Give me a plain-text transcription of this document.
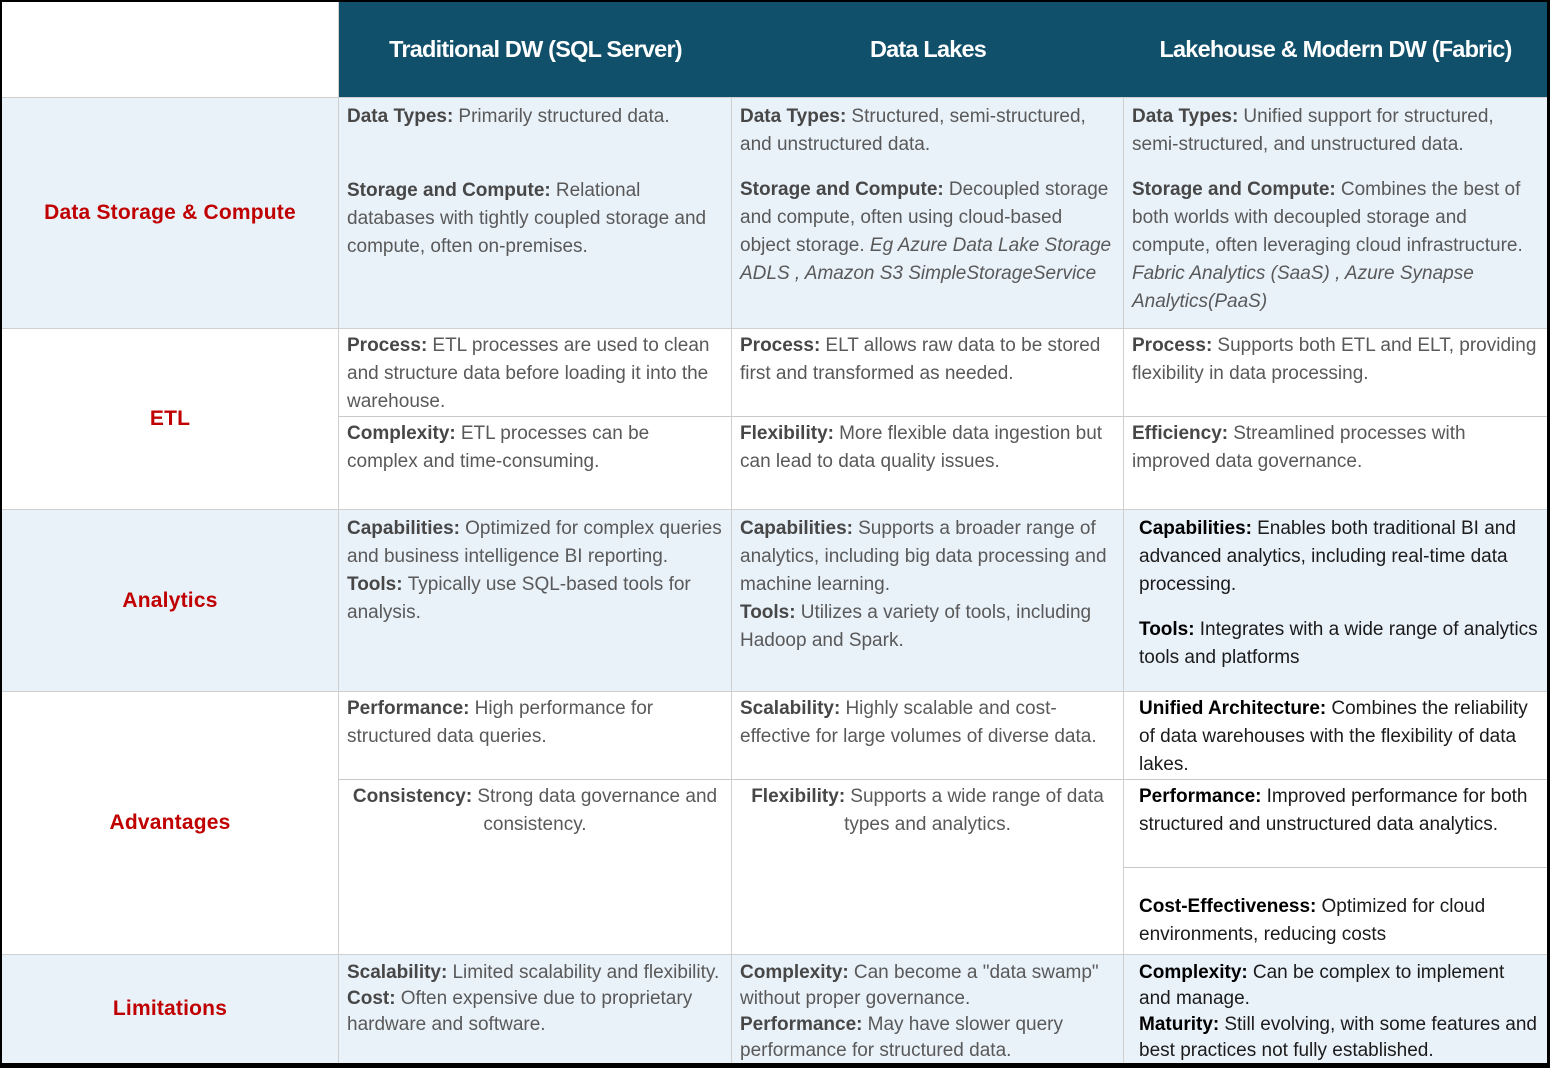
Traditional DW (SQL Server)	Data Lakes	Lakehouse & Modern DW (Fabric)
Data Storage & Compute

Data Types: Primarily structured data.

Storage and Compute: Relational databases with tightly coupled storage and compute, often on-premises.

Data Types: Structured, semi-structured, and unstructured data.

Storage and Compute: Decoupled storage and compute, often using cloud-based object storage. Eg Azure Data Lake Storage ADLS , Amazon S3 SimpleStorageService

Data Types: Unified support for structured, semi-structured, and unstructured data.

Storage and Compute: Combines the best of both worlds with decoupled storage and compute, often leveraging cloud infrastructure. Fabric Analytics (SaaS) , Azure Synapse Analytics(PaaS)

ETL
Process: ETL processes are used to clean and structure data before loading it into the warehouse.
Complexity: ETL processes can be complex and time-consuming.
Process: ELT allows raw data to be stored first and transformed as needed.
Flexibility: More flexible data ingestion but can lead to data quality issues.
Process: Supports both ETL and ELT, providing flexibility in data processing.
Efficiency: Streamlined processes with improved data governance.
Analytics

Capabilities: Optimized for complex queries and business intelligence BI reporting.

Tools: Typically use SQL-based tools for analysis.

Capabilities: Supports a broader range of analytics, including big data processing and machine learning.

Tools: Utilizes a variety of tools, including Hadoop and Spark.

Capabilities: Enables both traditional BI and advanced analytics, including real-time data processing.

Tools: Integrates with a wide range of analytics tools and platforms

Advantages
Performance: High performance for structured data queries.
Consistency: Strong data governance and consistency.
Scalability: Highly scalable and cost-effective for large volumes of diverse data.
Flexibility: Supports a wide range of data types and analytics.
Unified Architecture: Combines the reliability of data warehouses with the flexibility of data lakes.
Performance: Improved performance for both structured and unstructured data analytics.
Cost-Effectiveness: Optimized for cloud environments, reducing costs
Limitations

Scalability: Limited scalability and flexibility.

Cost: Often expensive due to proprietary hardware and software.

Complexity: Can become a "data swamp" without proper governance.

Performance: May have slower query performance for structured data.

Complexity: Can be complex to implement and manage.

Maturity: Still evolving, with some features and best practices not fully established.
